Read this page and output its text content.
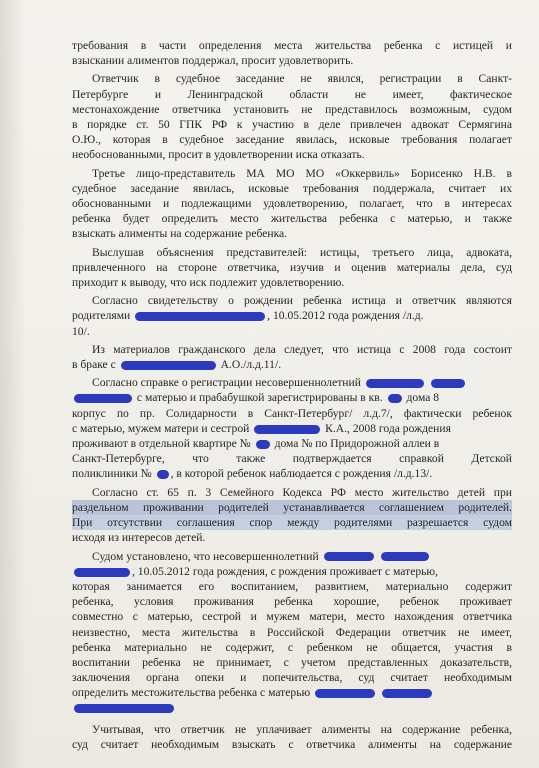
требования в части определения места жительства ребенка с истицей и
взыскании алиментов поддержал, просит удовлетворить.

Ответчик в судебное заседание не явился, регистрации в Санкт-
Петербурге и Ленинградской области не имеет, фактическое
местонахождение ответчика установить не представилось возможным, судом
в порядке ст. 50 ГПК РФ к участию в деле привлечен адвокат Сермягина
О.Ю., которая в судебное заседание явилась, исковые требования полагает
необоснованными, просит в удовлетворении иска отказать.

Третье лицо-представитель МА МО МО «Оккервиль» Борисенко Н.В. в
судебное заседание явилась, исковые требования поддержала, считает их
обоснованными и подлежащими удовлетворению, полагает, что в интересах
ребенка будет определить место жительства ребенка с матерью, и также
взыскать алименты на содержание ребенка.

Выслушав объяснения представителей: истицы, третьего лица, адвоката,
привлеченного на стороне ответчика, изучив и оценив материалы дела, суд
приходит к выводу, что иск подлежит удовлетворению.

Согласно свидетельству о рождении ребенка истица и ответчик являются
родителями	, 10.05.2012 года рождения /л.д.
10/.

Из материалов гражданского дела следует, что истица с 2008 года состоит
в браке с	А.О./л.д.11/.

Согласно справке о регистрации несовершеннолетний
с матерью и прабабушкой зарегистрированы в кв. дома 8
корпус по пр. Солидарности в Санкт-Петербург/ л.д.7/, фактически ребенок
с матерью, мужем матери и сестрой	К.А., 2008 года рождения
проживают в отдельной квартире № дома № по Придорожной аллеи в
Санкт-Петербурге, что также подтверждается справкой Детской
поликлиники № , в которой ребенок наблюдается с рождения /л.д.13/.

Согласно ст. 65 п. 3 Семейного Кодекса РФ место жительство детей при
раздельном проживании родителей устанавливается соглашением родителей.
При отсутствии соглашения спор между родителями разрешается судом
исходя из интересов детей.

Судом установлено, что несовершеннолетний
, 10.05.2012 года рождения, с рождения проживает с матерью,
которая занимается его воспитанием, развитием, материально содержит
ребенка, условия проживания ребенка хорошие, ребенок проживает
совместно с матерью, сестрой и мужем матери, место нахождения ответчика
неизвестно, места жительства в Российской Федерации ответчик не имеет,
ребенка материально не содержит, с ребенком не общается, участия в
воспитании ребенка не принимает, с учетом представленных доказательств,
заключения органа опеки и попечительства, суд считает необходимым
определить местожительства ребенка с матерью

Учитывая, что ответчик не уплачивает алименты на содержание ребенка,
суд считает необходимым взыскать с ответчика алименты на содержание
